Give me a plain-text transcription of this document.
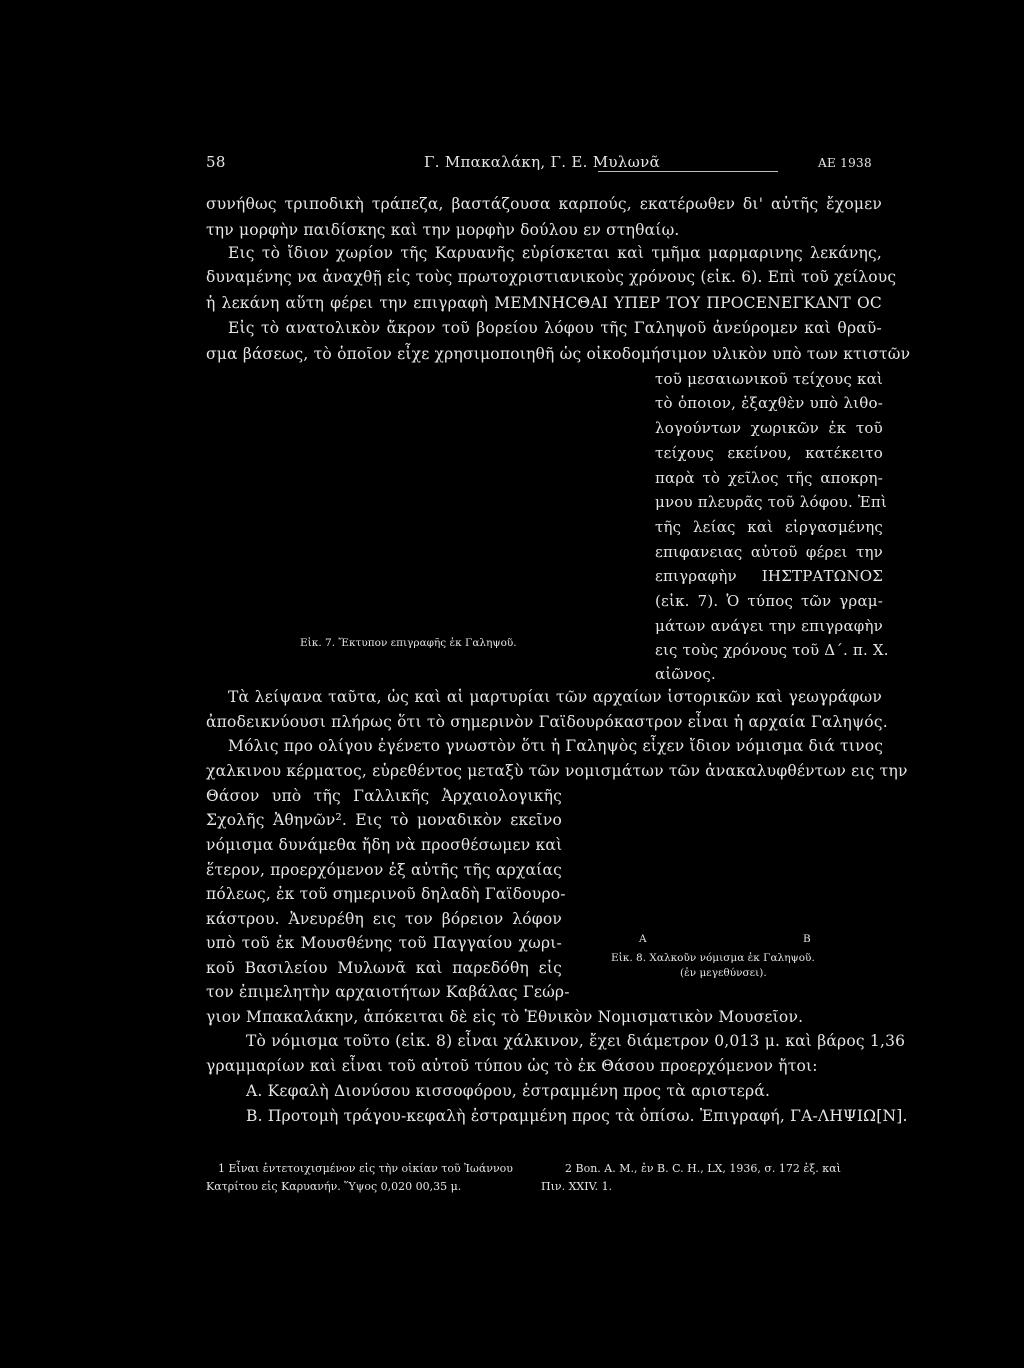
58	Γ. Μπακαλάκη, Γ. Ε. Μυλωνᾶ	ΑΕ 1938
συνήθως τριποδικὴ τράπεζα, βαστάζουσα καρπούς, εκατέρωθεν δι' αὐτῆς ἔχομεν
την μορφὴν παιδίσκης καὶ την μορφὴν δούλου εν στηθαίῳ.
Εις τὸ ἴδιον χωρίον τῆς Καρυανῆς εὑρίσκεται καὶ τμῆμα μαρμαρινης λεκάνης,
δυναμένης να ἀναχθῇ εἰς τοὺς πρωτοχριστιανικοὺς χρόνους (εἰκ. 6). Επὶ τοῦ χείλους
ἡ λεκάνη αὕτη φέρει την επιγραφὴ ΜΕΜΝΗϹΘΑΙ ΥΠΕΡ ΤΟΥ ΠΡΟϹΕΝΕΓΚΑΝΤ ΟϹ
Εἰς τὸ ανατολικὸν ἄκρον τοῦ βορείου λόφου τῆς Γαληψοῦ ἀνεύρομεν καὶ θραῦ-
σμα βάσεως, τὸ ὁποῖον εἶχε χρησιμοποιηθῆ ὡς οἰκοδομήσιμον υλικὸν υπὸ των κτιστῶν
τοῦ μεσαιωνικοῦ τείχους καὶ
τὸ ὁποιον, ἐξαχθὲν υπὸ λιθο-
λογούντων χωρικῶν ἐκ τοῦ
τείχους εκείνου, κατέκειτο
παρὰ τὸ χεῖλος τῆς αποκρη-
μνου πλευρᾶς τοῦ λόφου. Ἐπὶ
τῆς λείας καὶ εἰργασμένης
επιφανειας αὐτοῦ φέρει την
επιγραφὴν ΙΗΣΤΡΑΤΩΝΟΣ
(εἰκ. 7). Ὁ τύπος τῶν γραμ-
μάτων ανάγει την επιγραφὴν
εις τοὺς χρόνους τοῦ Δ΄. π. Χ.
αἰῶνος.
Εἰκ. 7. Ἔκτυπον επιγραφῆς ἐκ Γαληψοῦ.
Τὰ λείψανα ταῦτα, ὡς καὶ αἱ μαρτυρίαι τῶν αρχαίων ἱστορικῶν καὶ γεωγράφων
ἀποδεικνύουσι πλήρως ὅτι τὸ σημερινὸν Γαϊδουρόκαστρον εἶναι ἡ αρχαία Γαληψός.
Μόλις προ ολίγου ἐγένετο γνωστὸν ὅτι ἡ Γαληψὸς εἶχεν ἴδιον νόμισμα διά τινος
χαλκινου κέρματος, εὑρεθέντος μεταξὺ τῶν νομισμάτων τῶν ἀνακαλυφθέντων εις την
Θάσον υπὸ τῆς Γαλλικῆς Ἀρχαιολογικῆς
Σχολῆς Ἀθηνῶν². Εις τὸ μοναδικὸν εκεῖνο
νόμισμα δυνάμεθα ἤδη νὰ προσθέσωμεν καὶ
ἕτερον, προερχόμενον ἐξ αὐτῆς τῆς αρχαίας
πόλεως, ἐκ τοῦ σημερινοῦ δηλαδὴ Γαϊδουρο-
κάστρου. Ἀνευρέθη εις τον βόρειον λόφον
υπὸ τοῦ ἐκ Μουσθένης τοῦ Παγγαίου χωρι-
κοῦ Βασιλείου Μυλωνᾶ καὶ παρεδόθη εἰς
τον ἐπιμελητὴν αρχαιοτήτων Καβάλας Γεώρ-
Α	Β
Εἰκ. 8. Χαλκοῦν νόμισμα ἐκ Γαληψοῦ.
(ἐν μεγεθύνσει).
γιον Μπακαλάκην, ἀπόκειται δὲ εἰς τὸ Ἐθνικὸν Νομισματικὸν Μουσεῖον.
Τὸ νόμισμα τοῦτο (εἰκ. 8) εἶναι χάλκινον, ἔχει διάμετρον 0,013 μ. καὶ βάρος 1,36
γραμμαρίων καὶ εἶναι τοῦ αὐτοῦ τύπου ὡς τὸ ἐκ Θάσου προερχόμενον ἤτοι:
Α. Κεφαλὴ Διονύσου κισσοφόρου, ἐστραμμένη προς τὰ αριστερά.
Β. Προτομὴ τράγου-κεφαλὴ ἐστραμμένη προς τὰ ὀπίσω. Ἐπιγραφή, ΓΑ-ΛΗΨΙΩ[Ν].
1 Εἶναι ἐντετοιχισμένον εἰς τὴν οἰκίαν τοῦ Ἰωάννου
Κατρίτου εἰς Καρυανήν. Ὕψος 0,020 00,35 μ.
2 Bon. A. M., ἐν B. C. H., LX, 1936, σ. 172 ἑξ. καὶ
Πιν. XXIV. 1.
